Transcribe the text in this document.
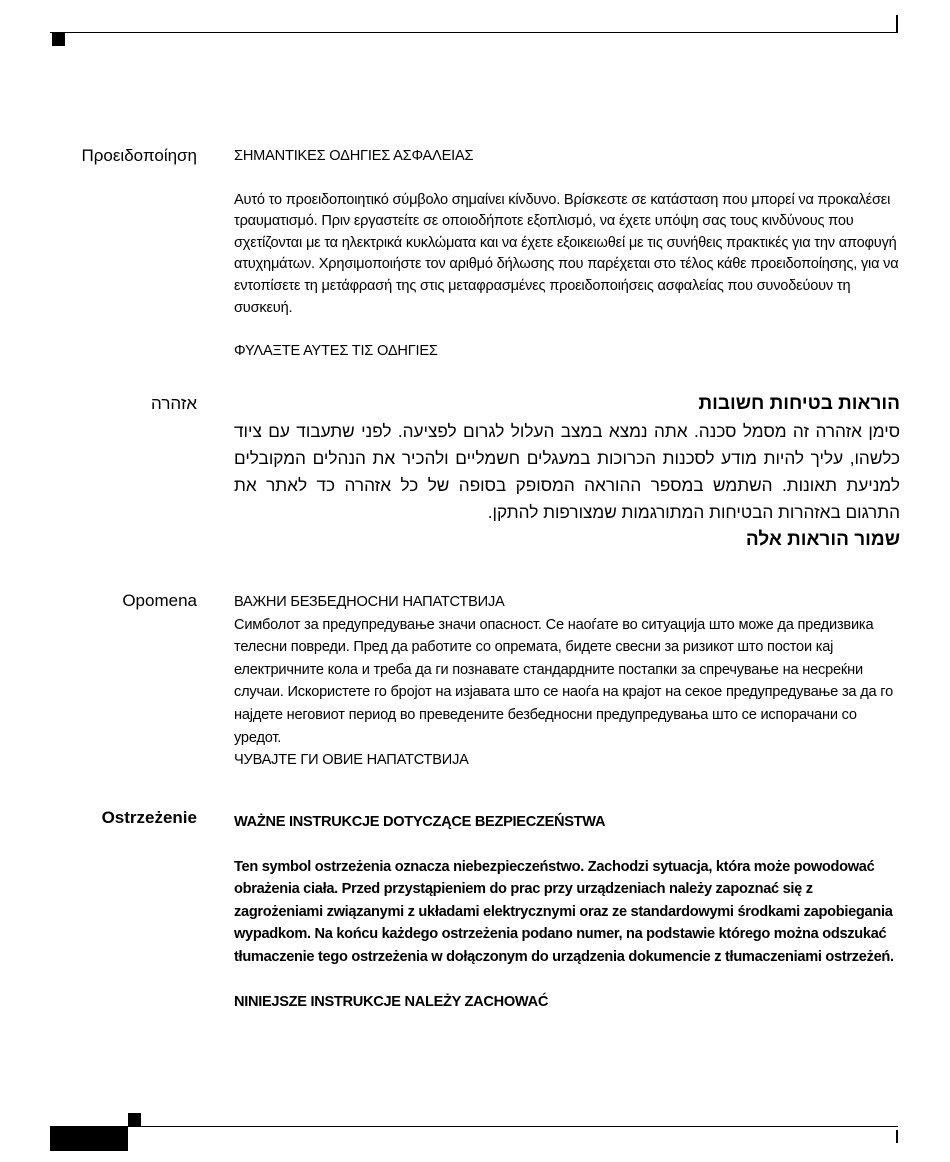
Προειδοποίηση	ΣΗΜΑΝΤΙΚΕΣ ΟΔΗΓΙΕΣ ΑΣΦΑΛΕΙΑΣ

Αυτό το προειδοποιητικό σύμβολο σημαίνει κίνδυνο. Βρίσκεστε σε κατάσταση που μπορεί να προκαλέσει τραυματισμό. Πριν εργαστείτε σε οποιοδήποτε εξοπλισμό, να έχετε υπόψη σας τους κινδύνους που σχετίζονται με τα ηλεκτρικά κυκλώματα και να έχετε εξοικειωθεί με τις συνήθεις πρακτικές για την αποφυγή ατυχημάτων. Χρησιμοποιήστε τον αριθμό δήλωσης που παρέχεται στο τέλος κάθε προειδοποίησης, για να εντοπίσετε τη μετάφρασή της στις μεταφρασμένες προειδοποιήσεις ασφαλείας που συνοδεύουν τη συσκευή.

ΦΥΛΑΞΤΕ ΑΥΤΕΣ ΤΙΣ ΟΔΗΓΙΕΣ

אזהרה	הוראות בטיחות חשובות

סימן אזהרה זה מסמל סכנה. אתה נמצא במצב העלול לגרום לפציעה. לפני שתעבוד עם ציוד כלשהו, עליך להיות מודע לסכנות הכרוכות במעגלים חשמליים ולהכיר את הנהלים המקובלים למניעת תאונות. השתמש במספר ההוראה המסופק בסופה של כל אזהרה כד לאתר את התרגום באזהרות הבטיחות המתורגמות שמצורפות להתקן.

שמור הוראות אלה

Opomena	ВАЖНИ БЕЗБЕДНОСНИ НАПАТСТВИЈА

Симболот за предупредување значи опасност. Се наоѓате во ситуација што може да предизвика телесни повреди. Пред да работите со опремата, бидете свесни за ризикот што постои кај електричните кола и треба да ги познавате стандардните постапки за спречување на несреќни случаи. Искористете го бројот на изјавата што се наоѓа на крајот на секое предупредување за да го најдете неговиот период во преведените безбедносни предупредувања што се испорачани со уредот.

ЧУВАЈТЕ ГИ ОВИЕ НАПАТСТВИЈА

Ostrzeżenie	WAŻNE INSTRUKCJE DOTYCZĄCE BEZPIECZEŃSTWA

Ten symbol ostrzeżenia oznacza niebezpieczeństwo. Zachodzi sytuacja, która może powodować obrażenia ciała. Przed przystąpieniem do prac przy urządzeniach należy zapoznać się z zagrożeniami związanymi z układami elektrycznymi oraz ze standardowymi środkami zapobiegania wypadkom. Na końcu każdego ostrzeżenia podano numer, na podstawie którego można odszukać tłumaczenie tego ostrzeżenia w dołączonym do urządzenia dokumencie z tłumaczeniami ostrzeżeń.

NINIEJSZE INSTRUKCJE NALEŻY ZACHOWAĆ
